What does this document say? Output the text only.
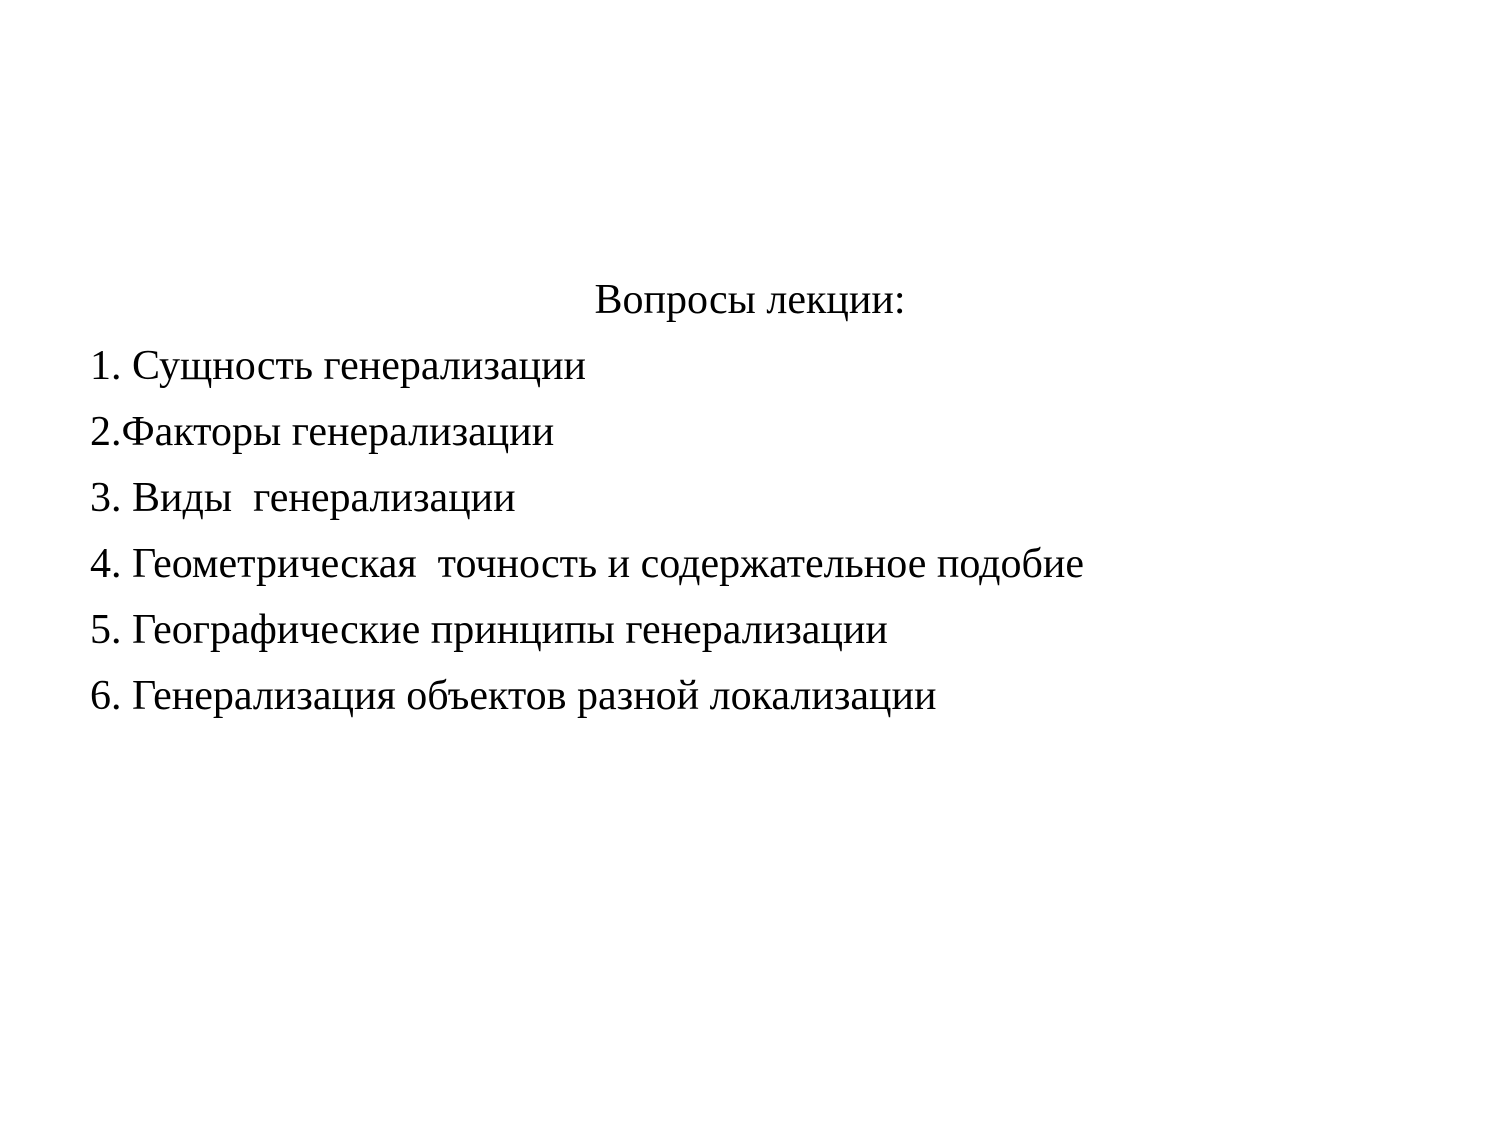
Вопросы лекции:
1. Сущность генерализации
2.Факторы генерализации
3. Виды  генерализации
4. Геометрическая  точность и содержательное подобие
5. Географические принципы генерализации
6. Генерализация объектов разной локализации
